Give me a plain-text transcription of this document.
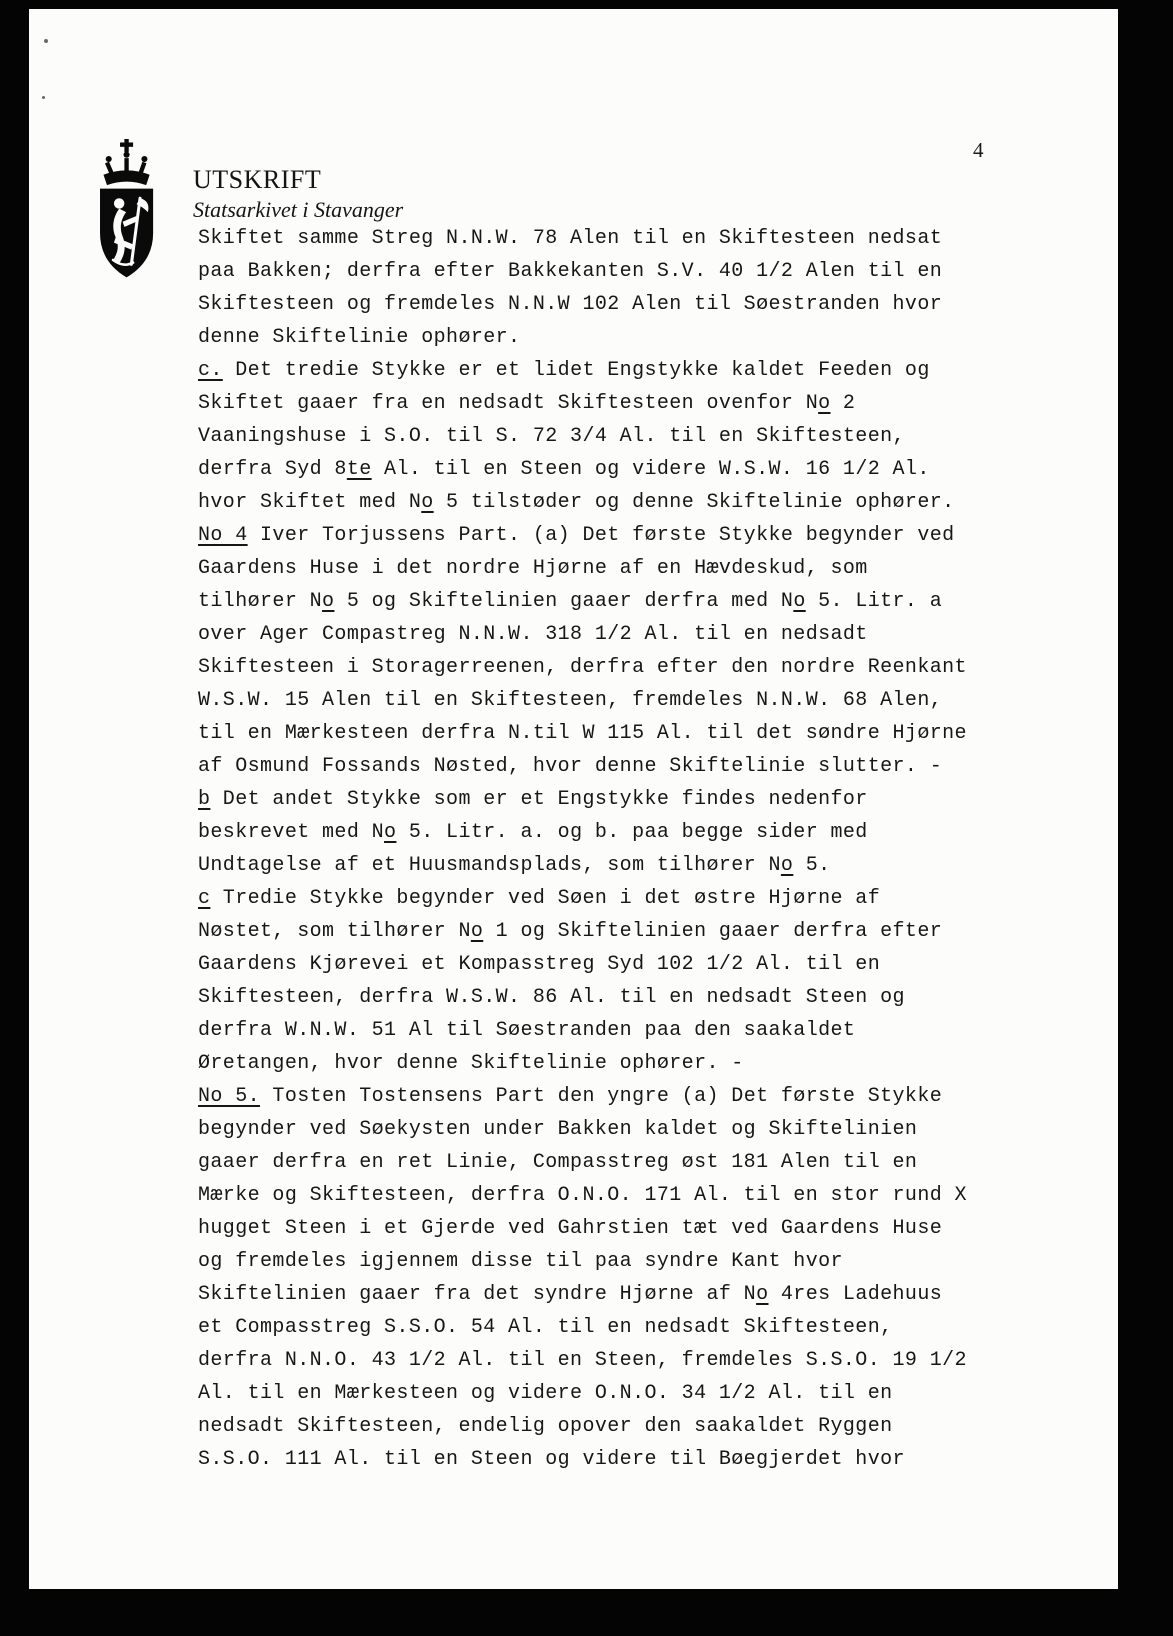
4
UTSKRIFT
Statsarkivet i Stavanger
Skiftet samme Streg N.N.W. 78 Alen til en Skiftesteen nedsat
paa Bakken; derfra efter Bakkekanten S.V. 40 1/2 Alen til en
Skiftesteen og fremdeles N.N.W 102 Alen til Søestranden hvor
denne Skiftelinie ophører.
c. Det tredie Stykke er et lidet Engstykke kaldet Feeden og
Skiftet gaaer fra en nedsadt Skiftesteen ovenfor No 2
Vaaningshuse i S.O. til S. 72 3/4 Al. til en Skiftesteen,
derfra Syd 8te Al. til en Steen og videre W.S.W. 16 1/2 Al.
hvor Skiftet med No 5 tilstøder og denne Skiftelinie ophører.
No 4 Iver Torjussens Part. (a) Det første Stykke begynder ved
Gaardens Huse i det nordre Hjørne af en Hævdeskud, som
tilhører No 5 og Skiftelinien gaaer derfra med No 5. Litr. a
over Ager Compastreg N.N.W. 318 1/2 Al. til en nedsadt
Skiftesteen i Storagerreenen, derfra efter den nordre Reenkant
W.S.W. 15 Alen til en Skiftesteen, fremdeles N.N.W. 68 Alen,
til en Mærkesteen derfra N.til W 115 Al. til det søndre Hjørne
af Osmund Fossands Nøsted, hvor denne Skiftelinie slutter. -
b Det andet Stykke som er et Engstykke findes nedenfor
beskrevet med No 5. Litr. a. og b. paa begge sider med
Undtagelse af et Huusmandsplads, som tilhører No 5.
c Tredie Stykke begynder ved Søen i det østre Hjørne af
Nøstet, som tilhører No 1 og Skiftelinien gaaer derfra efter
Gaardens Kjørevei et Kompasstreg Syd 102 1/2 Al. til en
Skiftesteen, derfra W.S.W. 86 Al. til en nedsadt Steen og
derfra W.N.W. 51 Al til Søestranden paa den saakaldet
Øretangen, hvor denne Skiftelinie ophører. -
No 5. Tosten Tostensens Part den yngre (a) Det første Stykke
begynder ved Søekysten under Bakken kaldet og Skiftelinien
gaaer derfra en ret Linie, Compasstreg øst 181 Alen til en
Mærke og Skiftesteen, derfra O.N.O. 171 Al. til en stor rund X
hugget Steen i et Gjerde ved Gahrstien tæt ved Gaardens Huse
og fremdeles igjennem disse til paa syndre Kant hvor
Skiftelinien gaaer fra det syndre Hjørne af No 4res Ladehuus
et Compasstreg S.S.O. 54 Al. til en nedsadt Skiftesteen,
derfra N.N.O. 43 1/2 Al. til en Steen, fremdeles S.S.O. 19 1/2
Al. til en Mærkesteen og videre O.N.O. 34 1/2 Al. til en
nedsadt Skiftesteen, endelig opover den saakaldet Ryggen
S.S.O. 111 Al. til en Steen og videre til Bøegjerdet hvor
